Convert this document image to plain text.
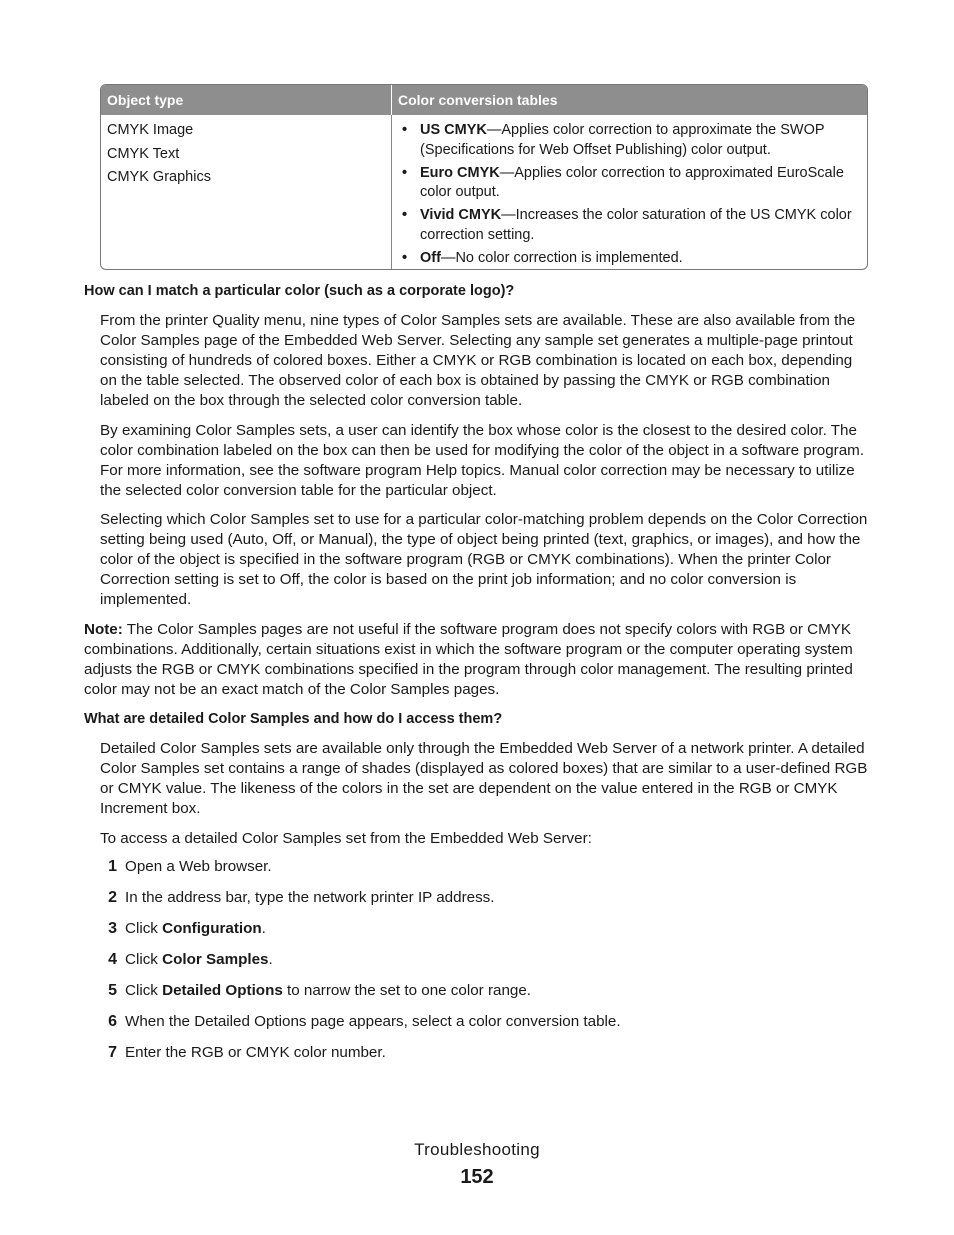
Object type	Color conversion tables
CMYK Image
CMYK Text
CMYK Graphics
• US CMYK—Applies color correction to approximate the SWOP (Specifications for Web Offset Publishing) color output.
• Euro CMYK—Applies color correction to approximated EuroScale color output.
• Vivid CMYK—Increases the color saturation of the US CMYK color correction setting.
• Off—No color correction is implemented.
How can I match a particular color (such as a corporate logo)?
From the printer Quality menu, nine types of Color Samples sets are available. These are also available from the Color Samples page of the Embedded Web Server. Selecting any sample set generates a multiple-page printout consisting of hundreds of colored boxes. Either a CMYK or RGB combination is located on each box, depending on the table selected. The observed color of each box is obtained by passing the CMYK or RGB combination labeled on the box through the selected color conversion table.
By examining Color Samples sets, a user can identify the box whose color is the closest to the desired color. The color combination labeled on the box can then be used for modifying the color of the object in a software program. For more information, see the software program Help topics. Manual color correction may be necessary to utilize the selected color conversion table for the particular object.
Selecting which Color Samples set to use for a particular color-matching problem depends on the Color Correction setting being used (Auto, Off, or Manual), the type of object being printed (text, graphics, or images), and how the color of the object is specified in the software program (RGB or CMYK combinations). When the printer Color Correction setting is set to Off, the color is based on the print job information; and no color conversion is implemented.
Note: The Color Samples pages are not useful if the software program does not specify colors with RGB or CMYK combinations. Additionally, certain situations exist in which the software program or the computer operating system adjusts the RGB or CMYK combinations specified in the program through color management. The resulting printed color may not be an exact match of the Color Samples pages.
What are detailed Color Samples and how do I access them?
Detailed Color Samples sets are available only through the Embedded Web Server of a network printer. A detailed Color Samples set contains a range of shades (displayed as colored boxes) that are similar to a user-defined RGB or CMYK value. The likeness of the colors in the set are dependent on the value entered in the RGB or CMYK Increment box.
To access a detailed Color Samples set from the Embedded Web Server:
1 Open a Web browser.
2 In the address bar, type the network printer IP address.
3 Click Configuration.
4 Click Color Samples.
5 Click Detailed Options to narrow the set to one color range.
6 When the Detailed Options page appears, select a color conversion table.
7 Enter the RGB or CMYK color number.
Troubleshooting
152
